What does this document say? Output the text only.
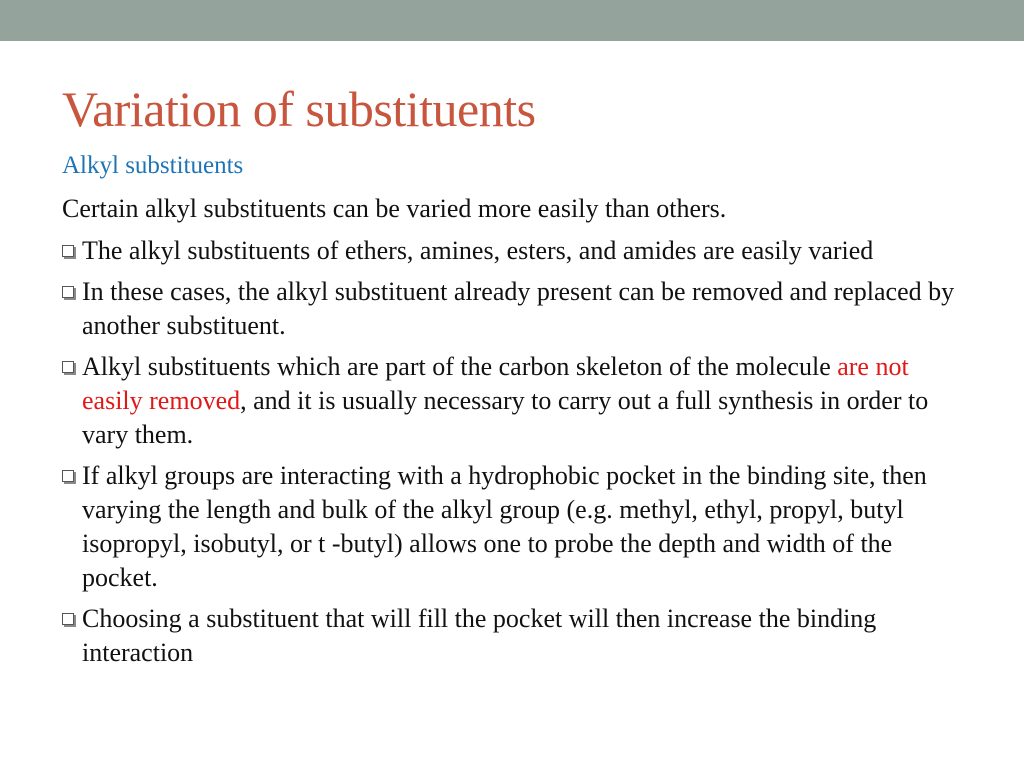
Variation of substituents
Alkyl substituents
Certain alkyl substituents can be varied more easily than others.
The alkyl substituents of ethers, amines, esters, and amides are easily varied
In these cases, the alkyl substituent already present can be removed and replaced by another substituent.
Alkyl substituents which are part of the carbon skeleton of the molecule are not easily removed, and it is usually necessary to carry out a full synthesis in order to vary them.
If alkyl groups are interacting with a hydrophobic pocket in the binding site, then varying the length and bulk of the alkyl group (e.g. methyl, ethyl, propyl, butyl isopropyl, isobutyl, or t -butyl) allows one to probe the depth and width of the pocket.
Choosing a substituent that will fill the pocket will then increase the binding interaction
